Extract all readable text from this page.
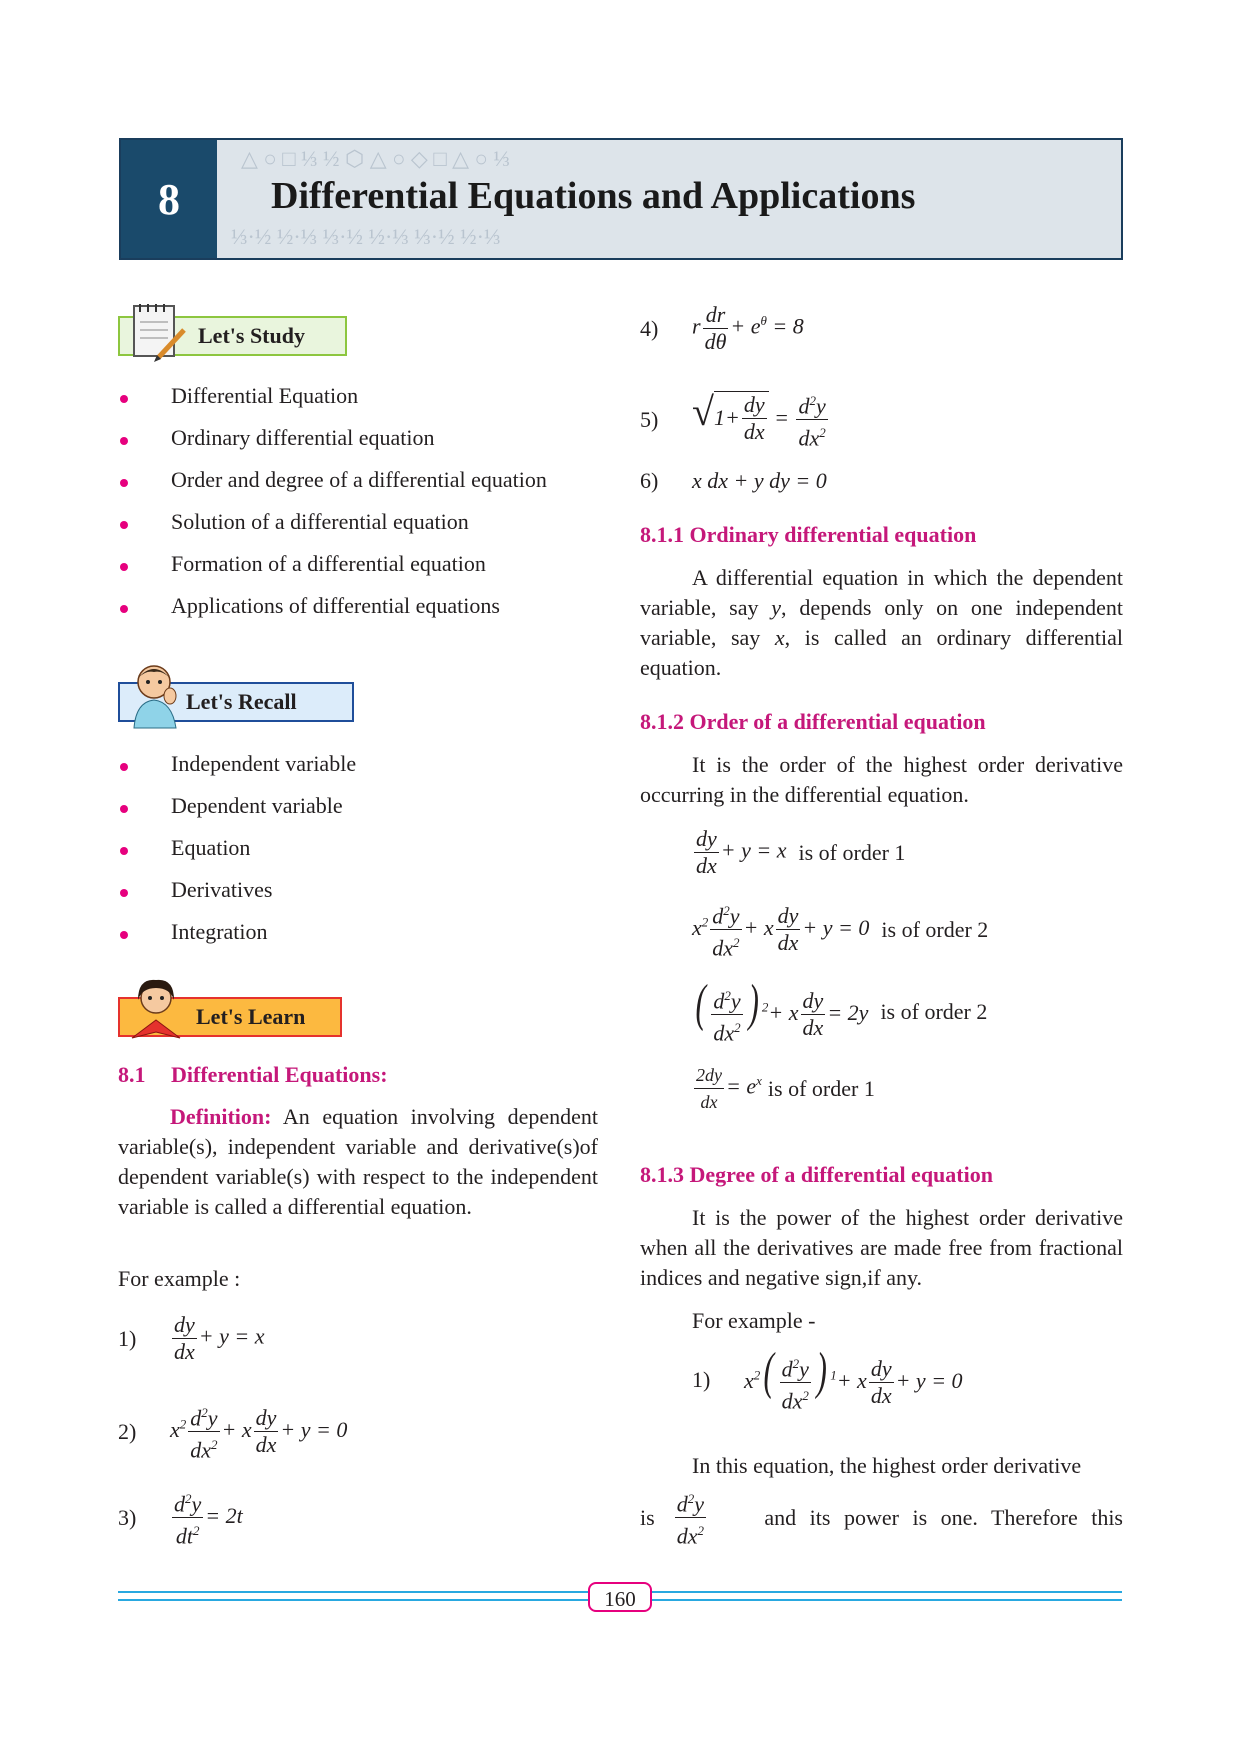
△ ○ □ ⅓ ½ ⬡ △ ○ ◇ □ △ ○ ⅓
⅓·½ ½·⅓ ⅓·½ ½·⅓ ⅓·½ ½·⅓
8	Differential Equations and Applications
Let's Study
Differential Equation
Ordinary differential equation
Order and degree of a differential equation
Solution of a differential equation
Formation of a differential equation
Applications of differential equations
Let's Recall
Independent variable
Dependent variable
Equation
Derivatives
Integration
Let's Learn
8.1 Differential Equations:
Definition: An equation involving dependent variable(s), independent variable and derivative(s)of dependent variable(s) with respect to the independent variable is called a differential equation.
For example :
1)	$\frac{dy}{dx} + y = x$
2)	$x^2 \frac{d^2y}{dx^2} + x \frac{dy}{dx} + y = 0$
3)	$\frac{d^2y}{dt^2} = 2t$
4)	r $\frac{dr}{d\theta} + e^\theta = 8$
5) $√1+ \frac{dy}{dx} = \frac{d^2y}{dx^2}$
6)	x dx + y dy = 0
8.1.1 Ordinary differential equation
A differential equation in which the dependent variable, say y, depends only on one independent variable, say x, is called an ordinary differential equation.
8.1.2 Order of a differential equation
It is the order of the highest order derivative occurring in the differential equation.
$\frac{dy}{dx} + y = x$ is of order 1
$x^2 \frac{d^2y}{dx^2} + x \frac{dy}{dx} + y = 0$ is of order 2
( $\frac{d^2y}{dx^2}$ ) $^2$+ x $\frac{dy}{dx} = 2y$ is of order 2
$\frac{2dy}{dx} = e^x$ is of order 1
8.1.3 Degree of a differential equation
It is the power of the highest order derivative when all the derivatives are made free from fractional indices and negative sign,if any.
For example -
1)	$x^2( \frac{d^2y}{dx^2}$ ) $^1$+ x $\frac{dy}{dx} + y = 0$
In this equation, the highest order derivative
is $\frac{d^2y}{dx^2}$	and its power is one. Therefore this
160
